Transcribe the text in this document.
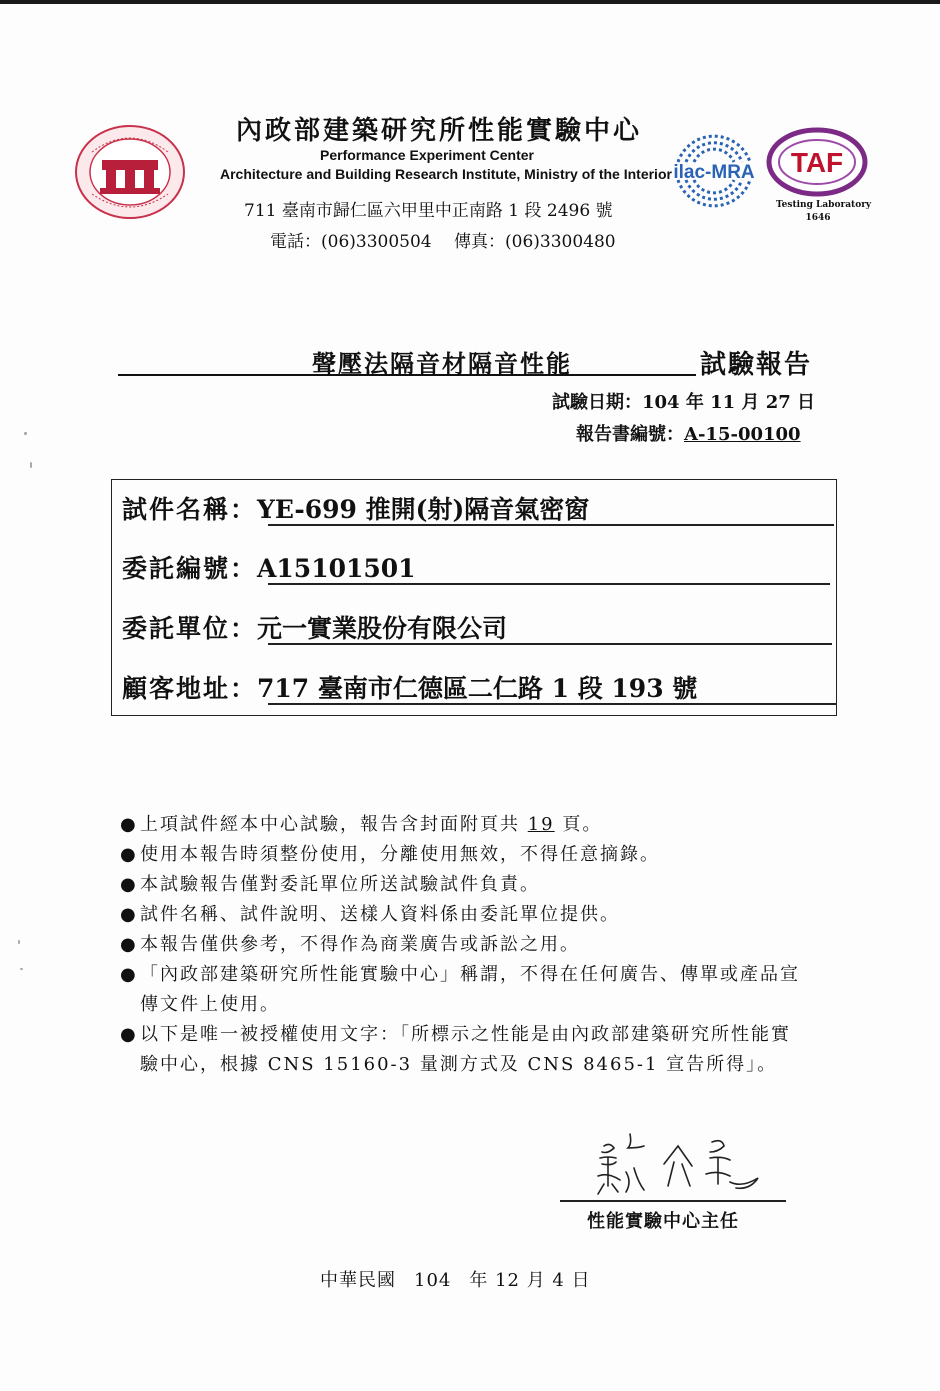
內政部建築研究所性能實驗中心
Performance Experiment Center
Architecture and Building Research Institute, Ministry of the Interior
711 臺南市歸仁區六甲里中正南路 1 段 2496 號
電話：(06)3300504　 傳真：(06)3300480
ilac-MRA TAF
Testing Laboratory
1646
聲壓法隔音材隔音性能	試驗報告
試驗日期：104 年 11 月 27 日
報告書編號：A-15-00100
試件名稱：YE-699 推開(射)隔音氣密窗
委託編號：A15101501
委託單位：元一實業股份有限公司
顧客地址：717 臺南市仁德區二仁路 1 段 193 號
● 上項試件經本中心試驗，報告含封面附頁共 19 頁。
● 使用本報告時須整份使用，分離使用無效，不得任意摘錄。
● 本試驗報告僅對委託單位所送試驗試件負責。
● 試件名稱、試件說明、送樣人資料係由委託單位提供。
● 本報告僅供參考，不得作為商業廣告或訴訟之用。
● 「內政部建築研究所性能實驗中心」稱謂，不得在任何廣告、傳單或產品宣傳文件上使用。
● 以下是唯一被授權使用文字：「所標示之性能是由內政部建築研究所性能實驗中心，根據 CNS 15160-3 量測方式及 CNS 8465-1 宣告所得」。
性能實驗中心主任
中華民國 104 年 12 月 4 日
